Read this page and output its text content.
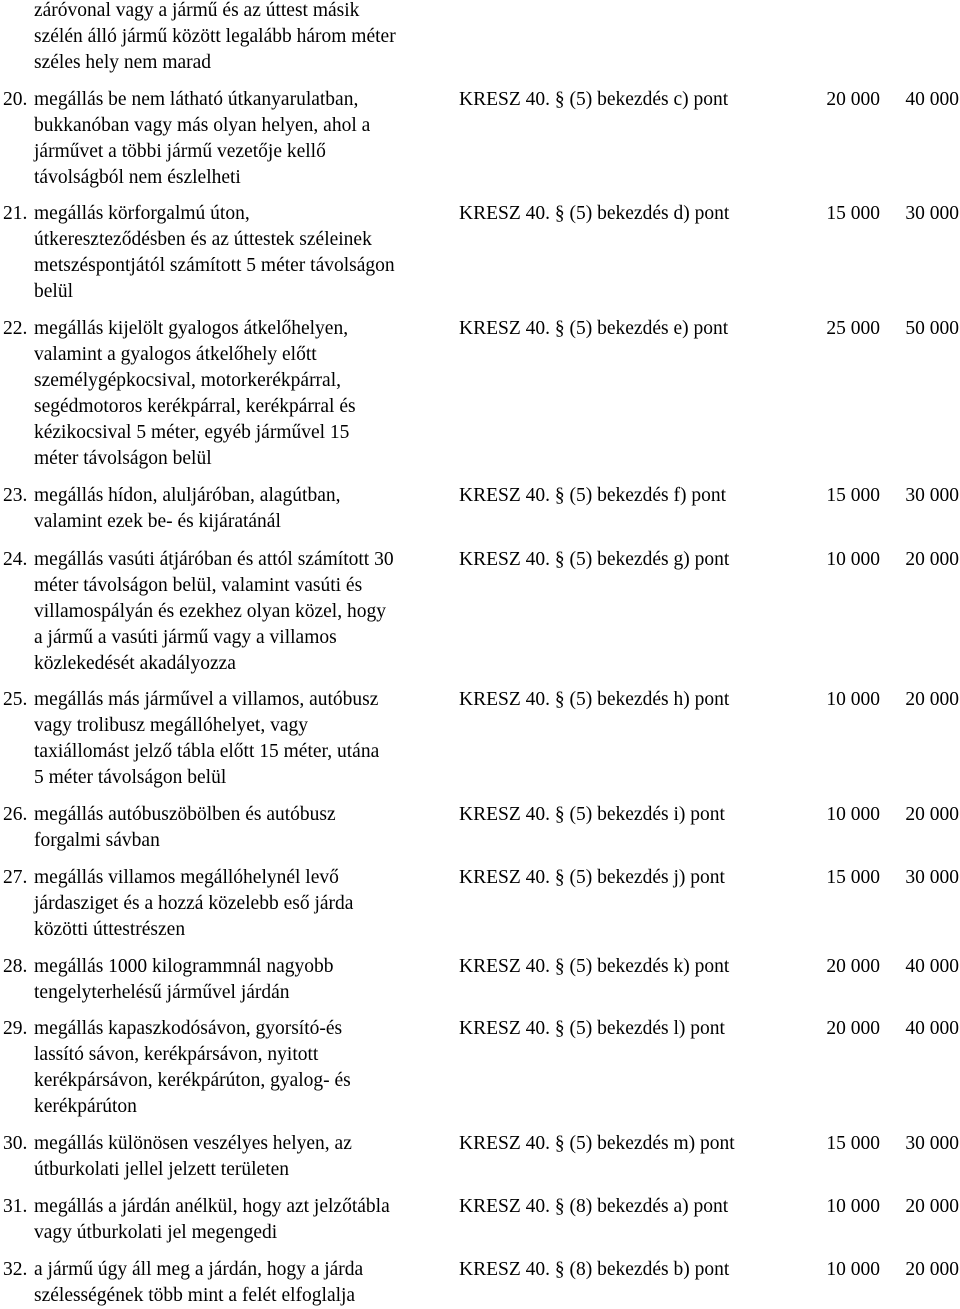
záróvonal vagy a jármű és az úttest másik
szélén álló jármű között legalább három méter
széles hely nem marad
20. megállás be nem látható útkanyarulatban,
bukkanóban vagy más olyan helyen, ahol a
járművet a többi jármű vezetője kellő
távolságból nem észlelheti
KRESZ 40. § (5) bekezdés c) pont	20 000	40 000
21. megállás körforgalmú úton,
útkereszteződésben és az úttestek széleinek
metszéspontjától számított 5 méter távolságon
belül
KRESZ 40. § (5) bekezdés d) pont	15 000	30 000
22. megállás kijelölt gyalogos átkelőhelyen,
valamint a gyalogos átkelőhely előtt
személygépkocsival, motorkerékpárral,
segédmotoros kerékpárral, kerékpárral és
kézikocsival 5 méter, egyéb járművel 15
méter távolságon belül
KRESZ 40. § (5) bekezdés e) pont	25 000	50 000
23. megállás hídon, aluljáróban, alagútban,
valamint ezek be- és kijáratánál
KRESZ 40. § (5) bekezdés f) pont	15 000	30 000
24. megállás vasúti átjáróban és attól számított 30
méter távolságon belül, valamint vasúti és
villamospályán és ezekhez olyan közel, hogy
a jármű a vasúti jármű vagy a villamos
közlekedését akadályozza
KRESZ 40. § (5) bekezdés g) pont	10 000	20 000
25. megállás más járművel a villamos, autóbusz
vagy trolibusz megállóhelyet, vagy
taxiállomást jelző tábla előtt 15 méter, utána
5 méter távolságon belül
KRESZ 40. § (5) bekezdés h) pont	10 000	20 000
26. megállás autóbuszöbölben és autóbusz
forgalmi sávban
KRESZ 40. § (5) bekezdés i) pont	10 000	20 000
27. megállás villamos megállóhelynél levő
járdasziget és a hozzá közelebb eső járda
közötti úttestrészen
KRESZ 40. § (5) bekezdés j) pont	15 000	30 000
28. megállás 1000 kilogrammnál nagyobb
tengelyterhelésű járművel járdán
KRESZ 40. § (5) bekezdés k) pont	20 000	40 000
29. megállás kapaszkodósávon, gyorsító-és
lassító sávon, kerékpársávon, nyitott
kerékpársávon, kerékpárúton, gyalog- és
kerékpárúton
KRESZ 40. § (5) bekezdés l) pont	20 000	40 000
30. megállás különösen veszélyes helyen, az
útburkolati jellel jelzett területen
KRESZ 40. § (5) bekezdés m) pont	15 000	30 000
31. megállás a járdán anélkül, hogy azt jelzőtábla
vagy útburkolati jel megengedi
KRESZ 40. § (8) bekezdés a) pont	10 000	20 000
32. a jármű úgy áll meg a járdán, hogy a járda
szélességének több mint a felét elfoglalja
KRESZ 40. § (8) bekezdés b) pont	10 000	20 000
